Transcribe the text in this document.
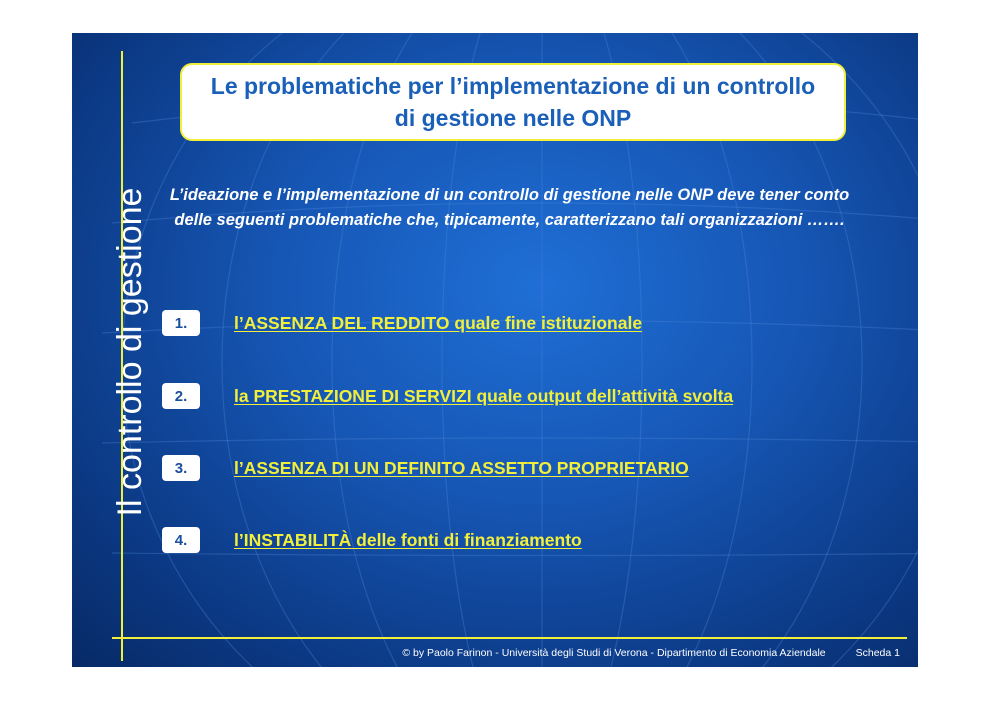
Il controllo di gestione
Le problematiche per l’implementazione di un controllo di gestione nelle ONP
L’ideazione e l’implementazione di un controllo di gestione nelle ONP deve tener conto delle seguenti problematiche che, tipicamente, caratterizzano tali organizzazioni …….
1.	l’ASSENZA DEL REDDITO quale fine istituzionale
2.	la PRESTAZIONE DI SERVIZI quale output dell’attività svolta
3.	l’ASSENZA DI UN DEFINITO ASSETTO PROPRIETARIO
4.	l’INSTABILITÀ delle fonti di finanziamento
© by Paolo Farinon - Università degli Studi di Verona - Dipartimento di Economia Aziendale	Scheda 1
